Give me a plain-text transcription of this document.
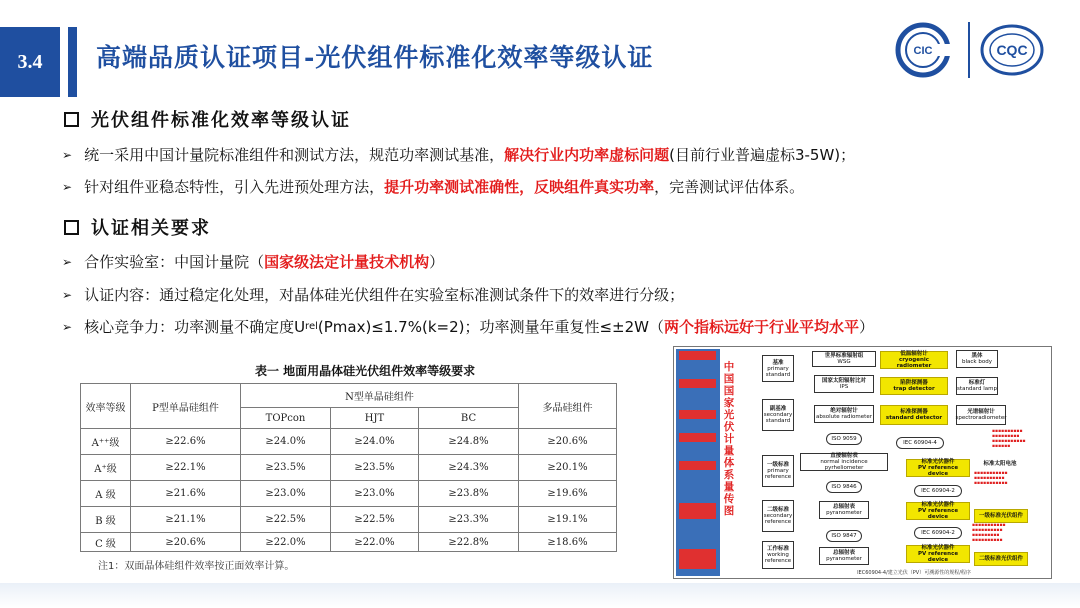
3.4	高端品质认证项目-光伏组件标准化效率等级认证	CIC	CQC
光伏组件标准化效率等级认证
➢ 统一采用中国计量院标准组件和测试方法，规范功率测试基准， 解决行业内功率虚标问题 (目前行业普遍虚标3-5W)；
➢ 针对组件亚稳态特性，引入先进预处理方法， 提升功率测试准确性，反映组件真实功率 ，完善测试评估体系。
认证相关要求
➢ 合作实验室：中国计量院（ 国家级法定计量技术机构 ）
➢ 认证内容：通过稳定化处理，对晶体硅光伏组件在实验室标准测试条件下的效率进行分级；
➢ 核心竞争力：功率测量不确定度U rel (Pmax)≤1.7%(k=2)；功率测量年重复性≤±2W（ 两个指标远好于行业平均水平 ）
表一 地面用晶体硅光伏组件效率等级要求
效率等级	P型单晶硅组件	N型单晶硅组件			多晶硅组件
		TOPcon	HJT	BC	
A⁺⁺级	≥22.6%	≥24.0%	≥24.0%	≥24.8%	≥20.6%
A⁺级	≥22.1%	≥23.5%	≥23.5%	≥24.3%	≥20.1%
A 级	≥21.6%	≥23.0%	≥23.0%	≥23.8%	≥19.6%
B 级	≥21.1%	≥22.5%	≥22.5%	≥23.3%	≥19.1%
C 级	≥20.6%	≥22.0%	≥22.0%	≥22.8%	≥18.6%
注1：双面晶体硅组件效率按正面效率计算。
中国国家光伏计量体系量传图
基准
primary
standard
副基准
secondary
standard
一级标准
primary
reference
二级标准
secondary
reference
工作标准
working
reference
世界标准辐射组
WSG
国家太阳辐射比对
IPS
绝对辐射计
absolute radiometer
ISO 9059
直接辐射表
normal incidence pyrheliometer
ISO 9846
总辐射表
pyranometer
ISO 9847
总辐射表
pyranometer
低温辐射计
cryogenic radiometer
黑体
black body
陷阱探测器
trap detector
标准灯
standard lamp
标准探测器
standard detector
光谱辐射计
spectroradiometer
IEC 60904-4
▪▪▪▪▪▪▪▪▪▪
▪▪▪▪▪▪▪▪▪
▪▪▪▪▪▪▪▪▪▪▪
▪▪▪▪▪▪
标准光伏器件
PV reference device
标准太阳电池
▪▪▪▪▪▪▪▪▪▪▪
▪▪▪▪▪▪▪▪▪▪
▪▪▪▪▪▪▪▪▪▪▪
IEC 60904-2
标准光伏器件
PV reference device	一级标准光伏组件
▪▪▪▪▪▪▪▪▪▪▪
▪▪▪▪▪▪▪▪▪▪
▪▪▪▪▪▪▪▪▪
▪▪▪▪▪▪▪▪▪▪
IEC 60904-2
标准光伏器件
PV reference device	二级标准光伏组件
IEC60904-4/建立光伏（PV）可溯源性的规程/程序
